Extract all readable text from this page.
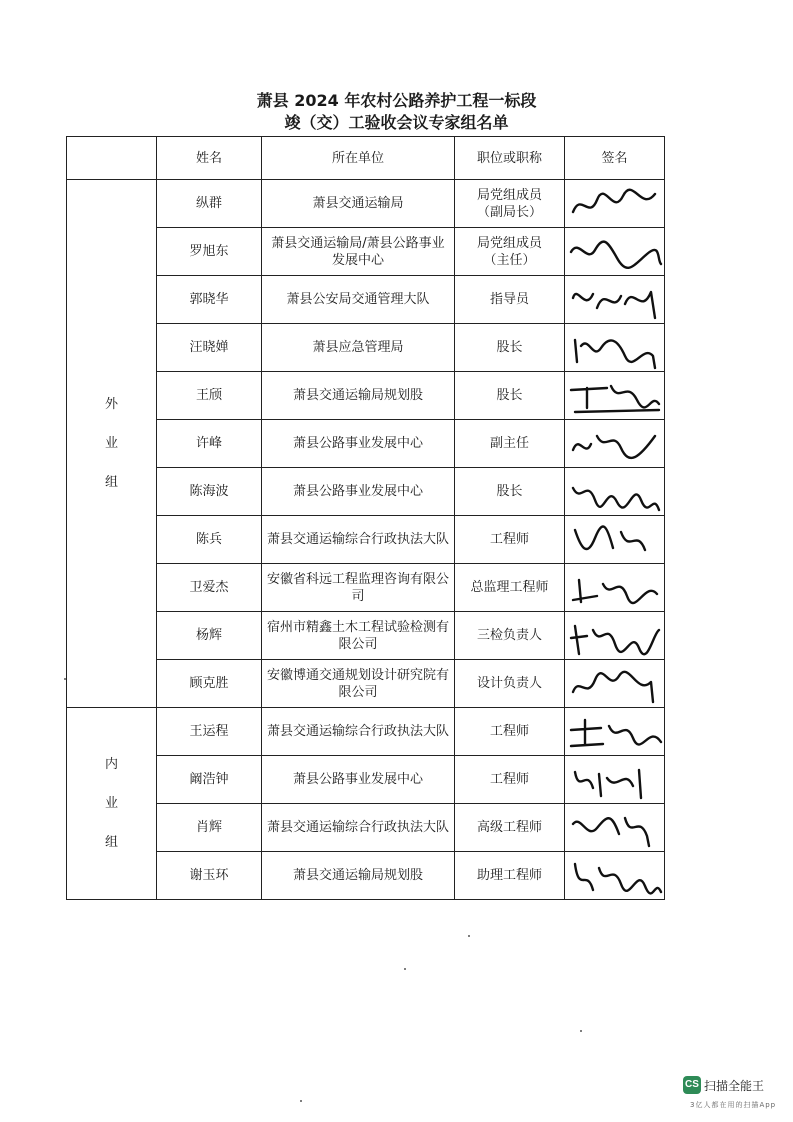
萧县 2024 年农村公路养护工程一标段
竣（交）工验收会议专家组名单
	姓名	所在单位	职位或职称	签名

外
业
组	纵群	萧县交通运输局	局党组成员
（副局长）	

	罗旭东	萧县交通运输局/萧县公路事业发展中心	局党组成员
（主任）	

	郭晓华	萧县公安局交通管理大队	指导员	

	汪晓婵	萧县应急管理局	股长	

	王颀	萧县交通运输局规划股	股长	

	许峰	萧县公路事业发展中心	副主任	

	陈海波	萧县公路事业发展中心	股长	

	陈兵	萧县交通运输综合行政执法大队	工程师	

	卫爱杰	安徽省科远工程监理咨询有限公司	总监理工程师	

	杨辉	宿州市精鑫土木工程试验检测有限公司	三检负责人	

	顾克胜	安徽博通交通规划设计研究院有限公司	设计负责人	

内
业
组	王运程	萧县交通运输综合行政执法大队	工程师	

	阚浩钟	萧县公路事业发展中心	工程师	

	肖辉	萧县交通运输综合行政执法大队	高级工程师	

	谢玉环	萧县交通运输局规划股	助理工程师	
CS 扫描全能王
3亿人都在用的扫描App
